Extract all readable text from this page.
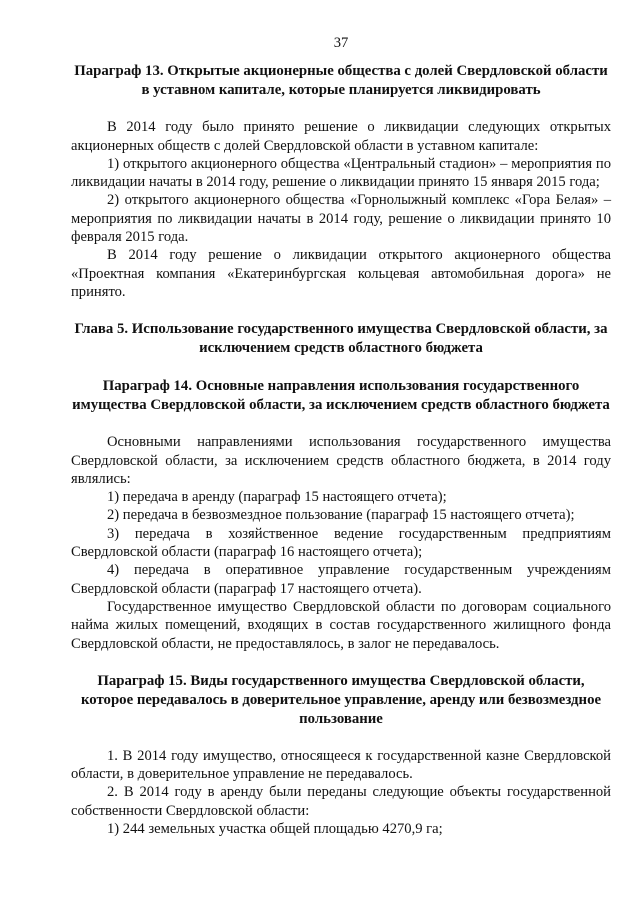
37

Параграф 13. Открытые акционерные общества с долей Свердловской области в уставном капитале, которые планируется ликвидировать

В 2014 году было принято решение о ликвидации следующих открытых акционерных обществ с долей Свердловской области в уставном капитале:

1) открытого акционерного общества «Центральный стадион» – мероприятия по ликвидации начаты в 2014 году, решение о ликвидации принято 15 января 2015 года;

2) открытого акционерного общества «Горнолыжный комплекс «Гора Белая» – мероприятия по ликвидации начаты в 2014 году, решение о ликвидации принято 10 февраля 2015 года.

В 2014 году решение о ликвидации открытого акционерного общества «Проектная компания «Екатеринбургская кольцевая автомобильная дорога» не принято.

Глава 5. Использование государственного имущества Свердловской области, за исключением средств областного бюджета

Параграф 14. Основные направления использования государственного имущества Свердловской области, за исключением средств областного бюджета

Основными направлениями использования государственного имущества Свердловской области, за исключением средств областного бюджета, в 2014 году являлись:

1) передача в аренду (параграф 15 настоящего отчета);

2) передача в безвозмездное пользование (параграф 15 настоящего отчета);

3) передача в хозяйственное ведение государственным предприятиям Свердловской области (параграф 16 настоящего отчета);

4) передача в оперативное управление государственным учреждениям Свердловской области (параграф 17 настоящего отчета).

Государственное имущество Свердловской области по договорам социального найма жилых помещений, входящих в состав государственного жилищного фонда Свердловской области, не предоставлялось, в залог не передавалось.

Параграф 15. Виды государственного имущества Свердловской области, которое передавалось в доверительное управление, аренду или безвозмездное пользование

1. В 2014 году имущество, относящееся к государственной казне Свердловской области, в доверительное управление не передавалось.

2. В 2014 году в аренду были переданы следующие объекты государственной собственности Свердловской области:

1) 244 земельных участка общей площадью 4270,9 га;
